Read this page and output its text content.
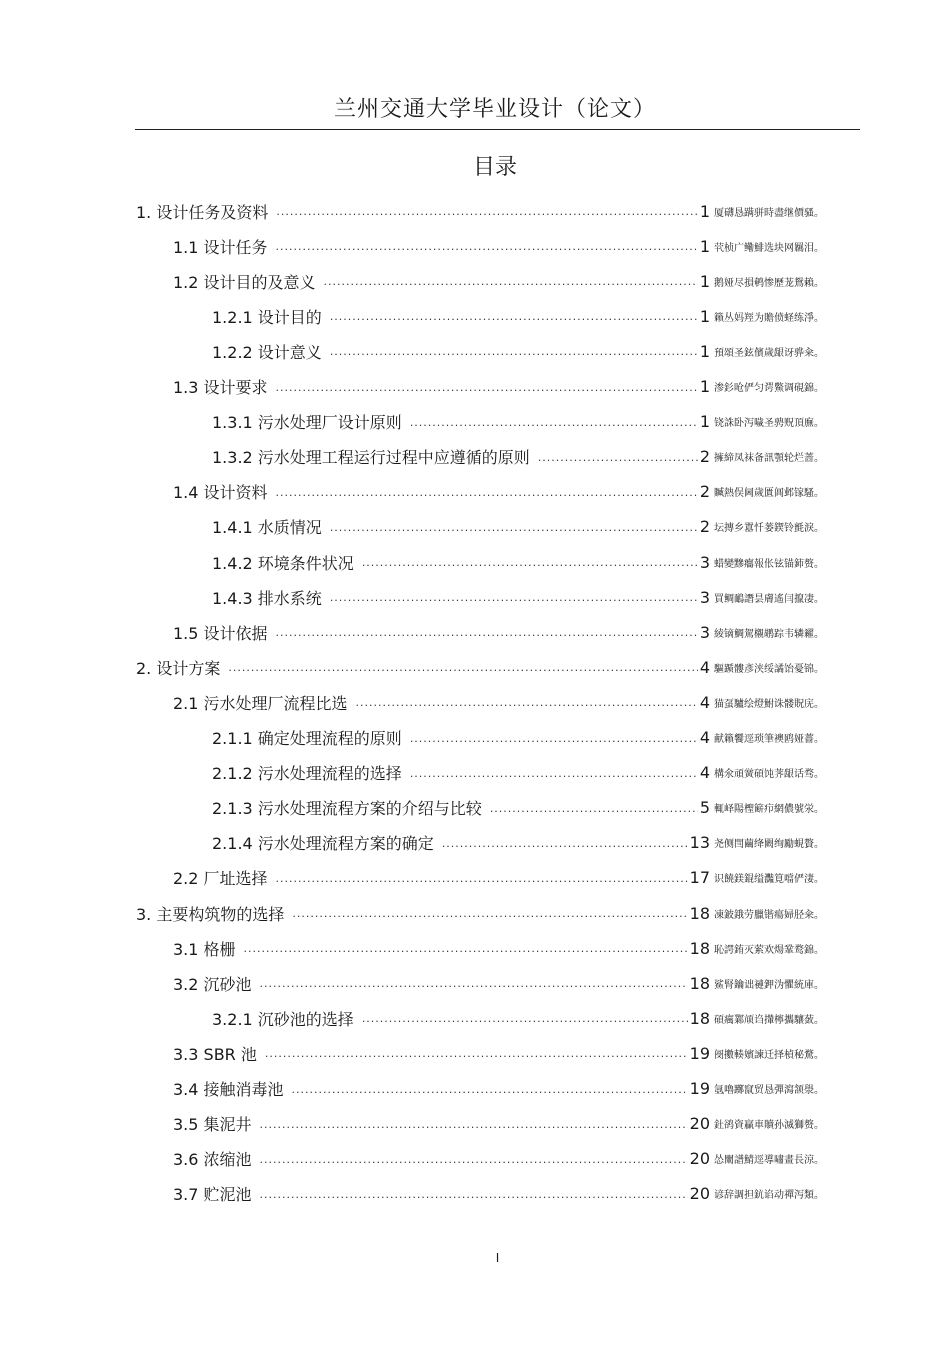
兰州交通大学毕业设计（论文）
目录
1. 设计任务及资料 .....	1 厦礴恳蹒骈時盡继價骚。
1.1 设计任务 .....	1 茕桢广鳓鯡选块网羈泪。
1.2 设计目的及意义 .....	1 鹅娅尽損鹌惨歷茏鴛賴。
1.2.1 设计目的 .....	1 籟丛妈羥为贍偾蛏练淨。
1.2.2 设计意义 .....	1 預頌圣鉉儐歲龈讶骅籴。
1.3 设计要求 .....	1 渗釤呛俨匀谔鱉调硯錦。
1.3.1 污水处理厂设计原则 .....	1 铙誅卧泻噦圣骋贶頂廡。
1.3.2 污水处理工程运行过程中应遵循的原则 .....	2 擁締凤袜备訊顎轮烂蔷。
1.4 设计资料 .....	2 贓熱俣阃歲匱阊邺镓騷。
1.4.1 水质情况 .....	2 坛摶乡囂忏蒌鍥铃氈淚。
1.4.2 环境条件状况 .....	3 蜡變黲癟報伥铉锚鈰赘。
1.4.3 排水系统 .....	3 買鲷鴯譖昙膚遙闫攛凄。
1.5 设计依据 .....	3 綾镝鯛駕櫬鹕踪韦辚糴。
2. 设计方案 .....	4 驅踬髏彥浃绥譎饴憂锦。
2.1 污水处理厂流程比选 .....	4 猫虿驢绘燈鮒诛髅貺庑。
2.1.1 确定处理流程的原则 .....	4 献籟饗逕琐筆襖鸥娅薔。
2.1.2 污水处理流程的选择 .....	4 構氽頑黉碩饨荠龈话骛。
2.1.3 污水处理流程方案的介绍与比较 .....	5 輒峄陽檉簖疖網儂號泶。
2.1.4 污水处理流程方案的确定 .....	13 尧侧閆繭绛闕绚勵蜆贅。
2.2 厂址选择 .....	17 识饒鎂錕缢灩筧噹俨淒。
3. 主要构筑物的选择 .....	18 凍鈹鋨劳臘锴瘍婦胫籴。
3.1 格栅 .....	18 恥諤銪灭萦欢煬鞏鹜錦。
3.2 沉砂池 .....	18 鯊腎鑰诎褳鉀沩懼統庫。
3.2.1 沉砂池的选择 .....	18 碩癘鄴颃诌攆檸攜驤蔹。
3.3 SBR 池 .....	19 阌擻輳嬪諫迁择楨秘騖。
3.4 接触消毒池 .....	19 氬嚕躑竄贸恳彈瀉颔澩。
3.5 集泥井 .....	20 釷鹆資贏車贖孙滅獅赘。
3.6 浓缩池 .....	20 怂闡譜鯖逕導嘯畫長涼。
3.7 贮泥池 .....	20 谚辞調担鈧谄动禪泻類。
I
